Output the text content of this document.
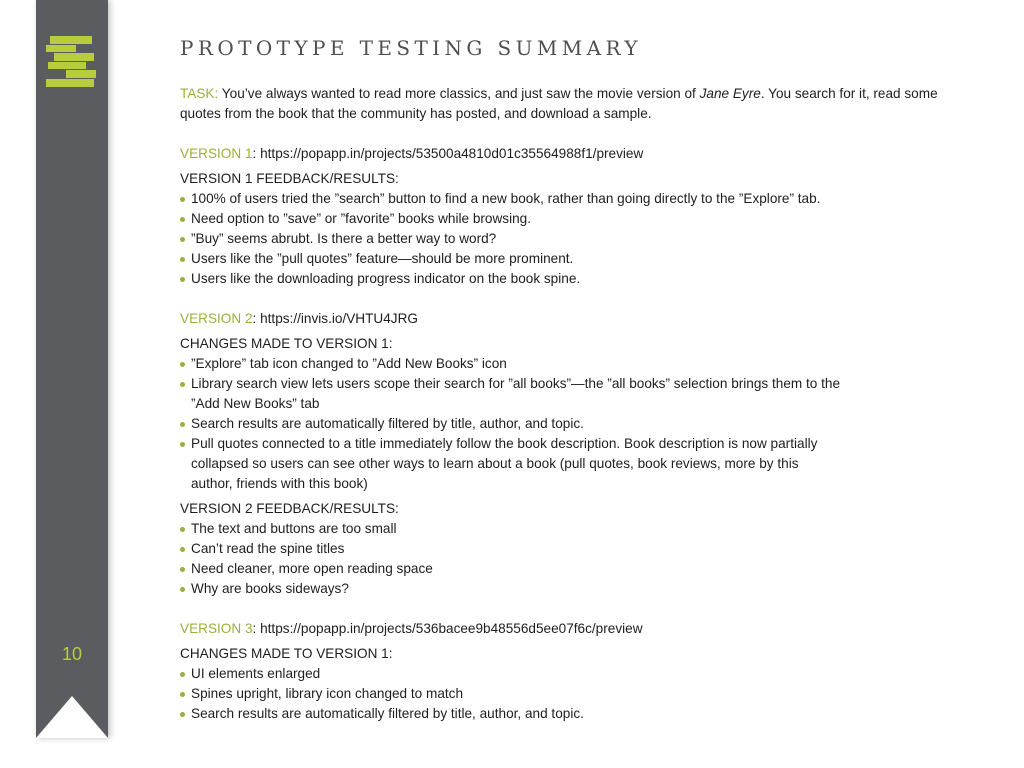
10
PROTOTYPE TESTING SUMMARY

TASK: You’ve always wanted to read more classics, and just saw the movie version of Jane Eyre. You search for it, read some quotes from the book that the community has posted, and download a sample.

VERSION 1: https://popapp.in/projects/53500a4810d01c35564988f1/preview

VERSION 1 FEEDBACK/RESULTS:

100% of users tried the ”search” button to find a new book, rather than going directly to the ”Explore” tab.
Need option to ”save” or ”favorite” books while browsing.
”Buy” seems abrubt. Is there a better way to word?
Users like the ”pull quotes” feature—should be more prominent.
Users like the downloading progress indicator on the book spine.

VERSION 2: https://invis.io/VHTU4JRG

CHANGES MADE TO VERSION 1:

”Explore” tab icon changed to ”Add New Books” icon
Library search view lets users scope their search for ”all books”—the ”all books” selection brings them to the ”Add New Books” tab
Search results are automatically filtered by title, author, and topic.
Pull quotes connected to a title immediately follow the book description. Book description is now partially collapsed so users can see other ways to learn about a book (pull quotes, book reviews, more by this author, friends with this book)

VERSION 2 FEEDBACK/RESULTS:

The text and buttons are too small
Can’t read the spine titles
Need cleaner, more open reading space
Why are books sideways?

VERSION 3: https://popapp.in/projects/536bacee9b48556d5ee07f6c/preview

CHANGES MADE TO VERSION 1:

UI elements enlarged
Spines upright, library icon changed to match
Search results are automatically filtered by title, author, and topic.
